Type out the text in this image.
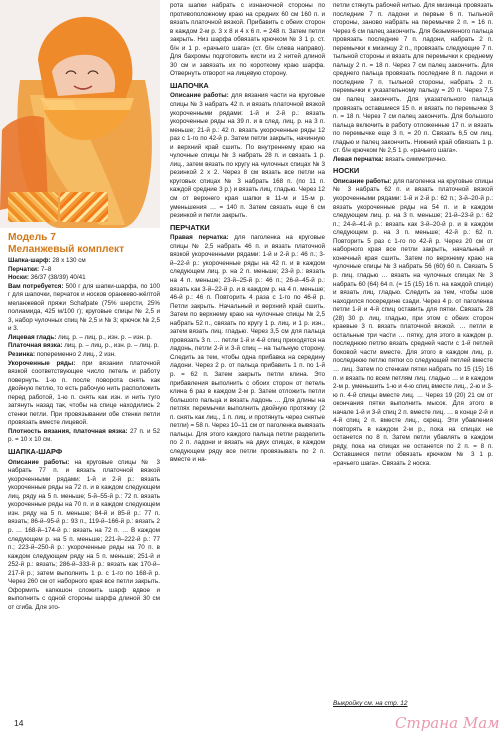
Модель 7
Меланжевый комплект

Шапка-шарф: 28 х 130 см

Перчатки: 7–8

Носки: 36/37 (38/39) 40/41

Вам потребуется: 500 г для шапки-шарфа, по 100 г для шапочки, перчаток и носков оранжево-жёлтой меланжевой пряжи Schafpate (75% шерсти, 25% полиамида, 425 м/100 г); круговые спицы № 2,5 и 3, набор чулочных спиц № 2,5 и № 3; крючок № 2,5 и 3.

Лицевая гладь: лиц. р. – лиц. р., изн. р. – изн. р.

Платочная вязка: лиц. р. – лиц. р., изн. р. – лиц. р.

Резинка: попеременно 2 лиц., 2 изн.

Укороченные ряды: при вязании платочной вязкой соответствующее число петель и работу повернуть. 1-ю п. после поворота снять как двойную петлю, то есть рабочую нить расположить перед работой, 1-ю п. снять как изн. и нить туго затянуть назад так, чтобы на спице находились 2 стенки петли. При провязывании обе стенки петли провязать вместе лицевой.

Плотность вязания, платочная вязка: 27 п. и 52 р. = 10 х 10 см.

ШАПКА-ШАРФ

Описание работы: на круговые спицы № 3 набрать 77 п. и вязать платочной вязкой укороченными рядами: 1-й и 2-й р.: вязать укороченные ряды на 72 п. и в каждом следующем лиц. ряду на 5 п. меньше; 5-й–55-й р.: 72 п. вязать укороченные ряды на 70 п. и в каждом следующем изн. ряду на 5 п. меньше; 84-й и 85-й р.: 77 п. вязать; 86-й–95-й р.: 93 п., 119-й–166-й р.: вязать 2 р. … 168-й–174-й р.: вязать на 72 п. … В каждом следующем р. на 5 п. меньше; 221-й–222-й р.: 77 п.; 223-й–250-й р.: укороченные ряды на 70 п. в каждом следующем ряду на 5 п. меньше; 251-й и 252-й р.: вязать; 286-й–333-й р.: вязать как 170-й–217-й р.; затем выполнить 1 р. с 1-го по 168-й р. Через 260 см от наборного края все петли закрыть. Оформить капюшон сложить шарф вдвое и выполнить с одной стороны шарфа длиной 30 см от сгиба. Для это-

рота шапки набрать с изнаночной стороны по противоположному краю на средних 60 см 160 п. и вязать платочной вязкой. Прибавить с обеих сторон в каждом 2-м р. 3 х 8 и 4 х 6 п. = 248 п. Затем петли закрыть. Низ шарфа обвязать крючком № 3 1 р. ст. б/н и 1 р. «рачьего шага» (ст. б/н слева направо). Для бахромы подготовить кисти из 2 нитей длиной 30 см и завязать их по короткому краю шарфа. Отвернуть отворот на лицевую сторону.

ШАПОЧКА

Описание работы: для вязания части на круговые спицы № 3 набрать 42 п. и вязать платочной вязкой укороченными рядами: 1-й и 2-й р.: вязать укороченные ряды на 39 п. и в след. лиц. р. на 3 п. меньше; 21-й р.: 42 п. вязать укороченные ряды 12 раз с 1-го по 42-й р. Затем петли закрыть, начинную и верхний край сшить. По внутреннему краю на чулочные спицы № 3 набрать 28 п. и связать 1 р. лиц., затем вязать по кругу на чулочных спицах № 3 резинкой 2 х 2. Через 8 см вязать все петли на круговых спицах № 3 набрать 168 п. (по 11 п. каждой средние 3 р.) и вязать лиц. гладью. Через 12 см от верхнего края шапки в 11-м и 15-м р. уменьшения … = 140 п. Затем связать еще 6 см резинкой и петли закрыть.

ПЕРЧАТКИ

Правая перчатка: для паголенка на круговые спицы № 2,5 набрать 46 п. и вязать платочной вязкой укороченными рядами: 1-й и 2-й р.: 46 п.; 3-й–22-й р.: укороченные ряды на 42 п. и в каждом следующем лиц. р. на 2 п. меньше; 23-й р.: вязать на 4 п. меньше; 23-й–25-й р.: 46 п.; 26-й–45-й р.: вязать как 3-й–22-й р. и в каждом р. на 4 п. меньше; 46-й р.: 46 п. Повторить 4 раза с 1-го по 46-й р. Петли закрыть. Начальный и верхний край сшить. Затем по верхнему краю на чулочные спицы № 2,5 набрать 52 п., связать по кругу 1 р. лиц. и 1 р. изн., затем вязать лиц. гладью. Через 3,5 см для пальца провязать 3 п. … петли 1-й и 4-й спиц приходятся на ладонь, петли 2-й и 3-й спиц – на тыльную сторону. Следить за тем, чтобы одна прибавка на середину ладони. Через 2 р. от пальца прибавить 1 п. по 1-й р. = 62 п. Затем закрыть петли клина. Это прибавления выполнить с обоих сторон от петель клина 6 раз в каждом 2-м р. Затем отложить петли большого пальца и вязать ладонь … Для длины на петлях перемычки выполнить двойную протяжку (2 п. снять как лиц., 1 п. лиц. и протянуть через снятые петли) = 58 п. Через 10–11 см от паголенка вывязать пальцы. Для этого каждого пальца петли разделить по 2 п. ладони и вязать на двух спицах, в каждом следующем ряду все петли провязывать по 2 п. вместе и на-

петли стянуть рабочей нитью. Для мизинца провязать последние 7 п. ладони и первые 6 п. тыльной стороны, заново набрать на перемычке 2 п. = 16 п. Через 6 см палец закончить. Для безымянного пальца провязать последние 7 п. ладони, набрать 2 п. перемычки к мизинцу 2 п., провязать следующие 7 п. тыльной стороны и вязать для перемычки к среднему пальцу 2 п. = 18 п. Через 7 см палец закончить. Для среднего пальца провязать последние 8 п. ладони и последние 7 п. тыльной стороны, набрать 2 п. перемычки к указательному пальцу = 20 п. Через 7,5 см палец закончить. Для указательного пальца провязать оставшиеся 15 п. и вязать по перемычке 3 п. = 18 п. Через 7 см палец закончить. Для большого пальца включить в работу отложенные 17 п. и вязать по перемычке еще 3 п. = 20 п. Связать 6,5 см лиц. гладью и палец закончить. Нижний край обвязать 1 р. ст. б/н крючком № 2,5 1 р. «рачьего шага».

Левая перчатка: вязать симметрично.

НОСКИ

Описание работы: для паголенка на круговые спицы № 3 набрать 62 п. и вязать платочной вязкой укороченными рядами: 1-й и 2-й р.: 62 п.; 3-й–20-й р.: вязать укороченные ряды на 54 п. и в каждом следующем лиц. р. на 3 п. меньше; 21-й–23-й р.: 62 п.; 24-й–41-й р.: вязать как 3-й–20-й р. и в каждом следующем р. на 3 п. меньше; 42-й р.: 62 п. Повторить 5 раз с 1-го по 42-й р. Через 20 см от наборного края все петли закрыть, начальный и конечный края сшить. Затем по верхнему краю на чулочные спицы № 3 набрать 56 (60) 60 п. Связать 5 р. лиц. гладью … вязать на чулочных спицах № 3 набрать 60 (64) 64 п. (= 15 (15) 16 п. на каждой спице) и вязать лиц. гладью. Следить за тем, чтобы шов находился посередине сзади. Через 4 р. от паголенка петли 1-й и 4-й спиц оставить для пятки. Связать 28 (28) 30 р. лиц. гладью, при этом с обеих сторон краевые 3 п. вязать платочной вязкой. … петли в остальные три части … пятку, для этого в каждом р. последнюю петлю вязать средней части с 1-й петлей боковой части вместе. Для этого в каждом лиц. р. последнюю петлю пятки со следующей петлей вместе … лиц. Затем по стенкам пятки набрать по 15 (15) 16 п. и вязать по всем петлям лиц. гладью … и в каждом 2-м р. уменьшить 1-ю и 4-ю спиц вместе лиц., 2-ю и 3-ю п. 4-й спицы вместе лиц. … Через 19 (20) 21 см от окончания пятки выполнить мысок. Для этого в начале 1-й и 3-й спиц 2 п. вместе лиц. … в конце 2-й и 4-й спиц 2 п. вместе лиц., скрещ. Эти убавления повторять в каждом 2-м р., пока на спицах не останется по 8 п. Затем петли убавлять в каждом ряду, пока на спицах не останется по 2 п. = 8 п. Оставшиеся петли обвязать крючком № 3 1 р. «рачьего шага». Связать 2 носка.

Выкройку см. на стр. 12
14	Страна Мам
